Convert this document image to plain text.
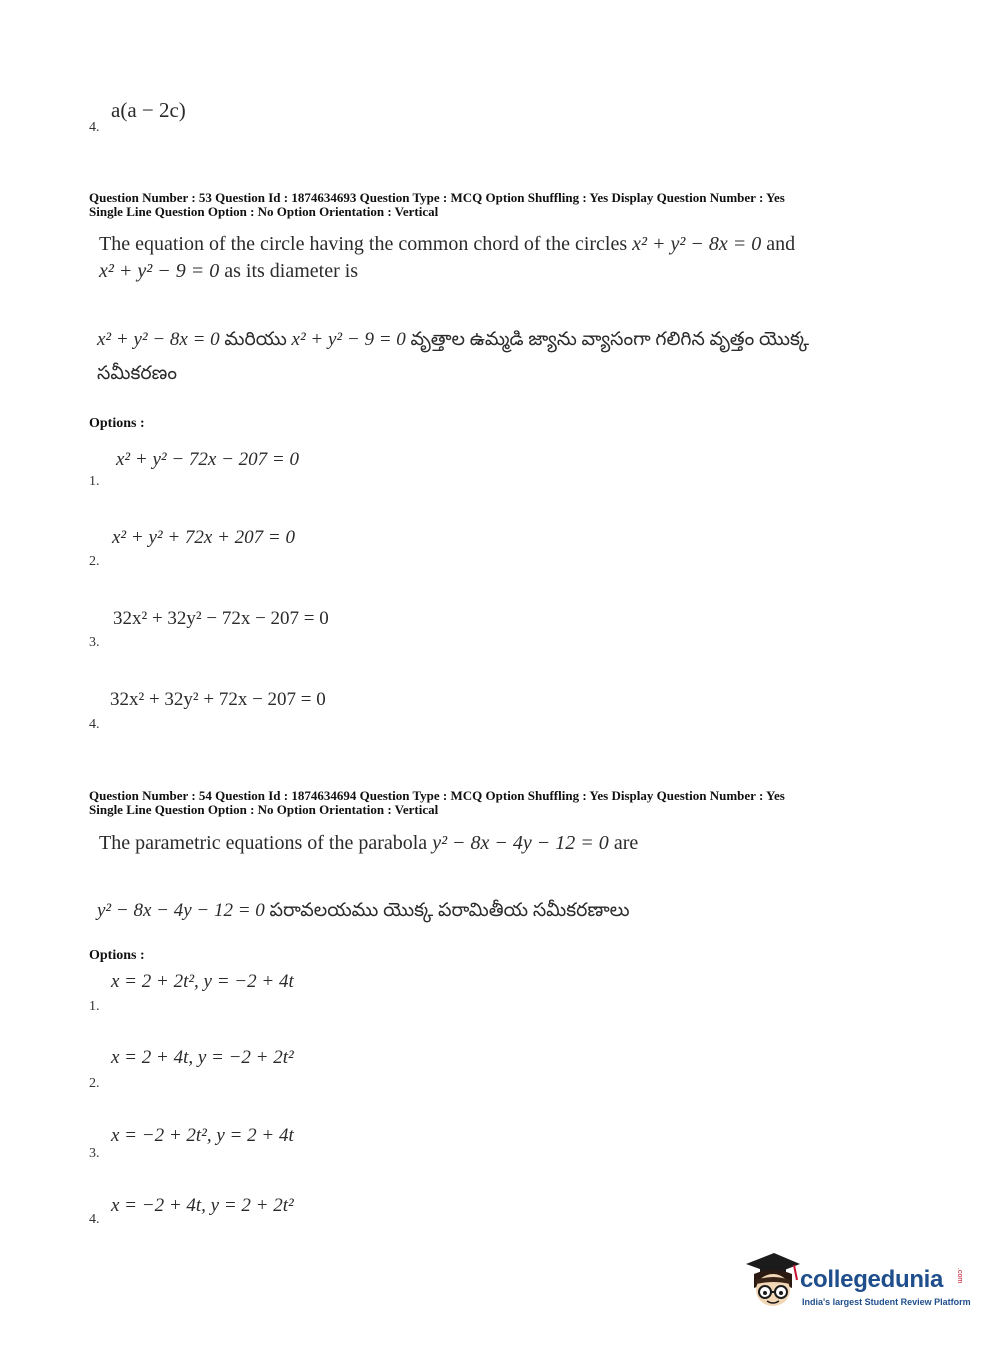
a(a − 2c)
4.
Question Number : 53 Question Id : 1874634693 Question Type : MCQ Option Shuffling : Yes Display Question Number : Yes
Single Line Question Option : No Option Orientation : Vertical
The equation of the circle having the common chord of the circles x² + y² − 8x = 0 and
x² + y² − 9 = 0 as its diameter is
x² + y² − 8x = 0 మరియు x² + y² − 9 = 0 వృత్తాల ఉమ్మడి జ్యాను వ్యాసంగా గలిగిన వృత్తం యొక్క
సమీకరణం
Options :
x² + y² − 72x − 207 = 0
1.
x² + y² + 72x + 207 = 0
2.
32x² + 32y² − 72x − 207 = 0
3.
32x² + 32y² + 72x − 207 = 0
4.
Question Number : 54 Question Id : 1874634694 Question Type : MCQ Option Shuffling : Yes Display Question Number : Yes
Single Line Question Option : No Option Orientation : Vertical
The parametric equations of the parabola y² − 8x − 4y − 12 = 0 are
y² − 8x − 4y − 12 = 0 పరావలయము యొక్క పరామితీయ సమీకరణాలు
Options :
x = 2 + 2t², y = −2 + 4t
1.
x = 2 + 4t, y = −2 + 2t²
2.
x = −2 + 2t², y = 2 + 4t
3.
x = −2 + 4t, y = 2 + 2t²
4.
collegedunia .com
India's largest Student Review Platform
